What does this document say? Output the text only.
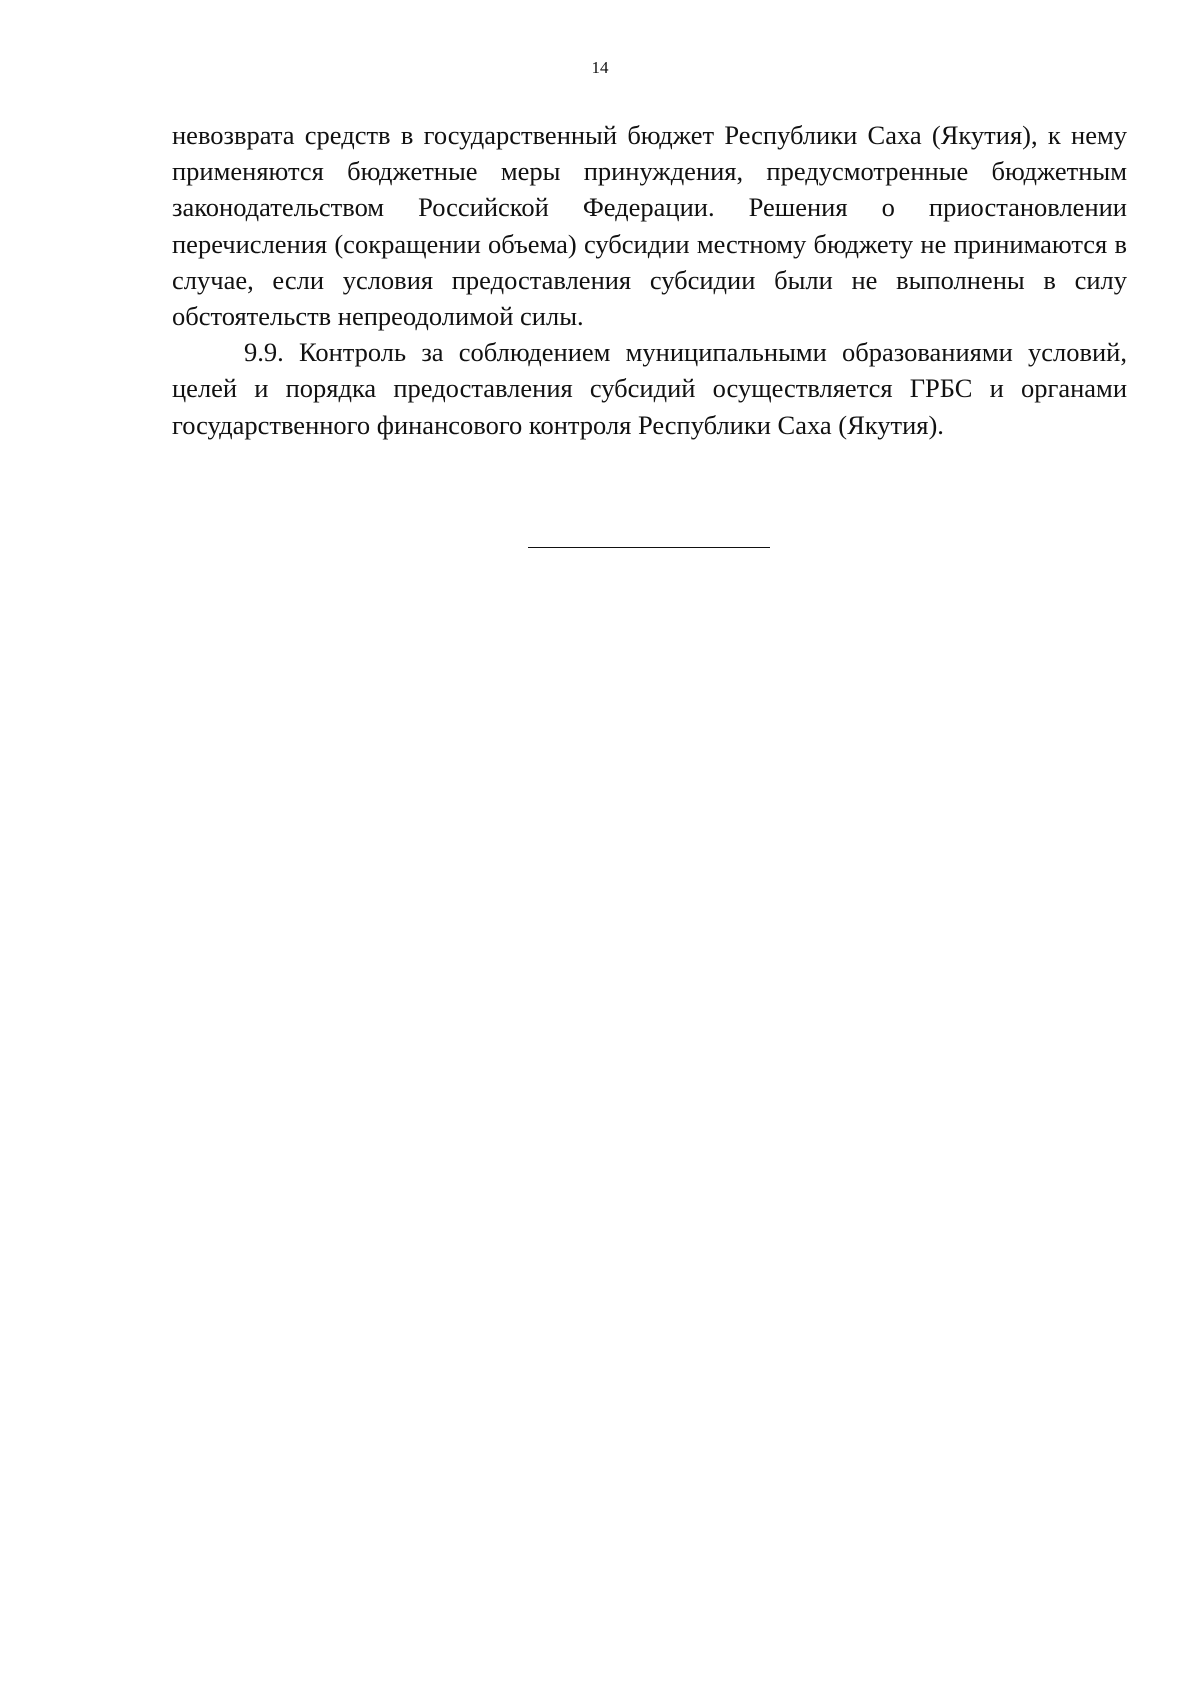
14

невозврата средств в государственный бюджет Республики Саха (Якутия), к нему применяются бюджетные меры принуждения, предусмотренные бюджетным законодательством Российской Федерации. Решения о приостановлении перечисления (сокращении объема) субсидии местному бюджету не принимаются в случае, если условия предоставления субсидии были не выполнены в силу обстоятельств непреодолимой силы.

9.9. Контроль за соблюдением муниципальными образованиями условий, целей и порядка предоставления субсидий осуществляется ГРБС и органами государственного финансового контроля Республики Саха (Якутия).
